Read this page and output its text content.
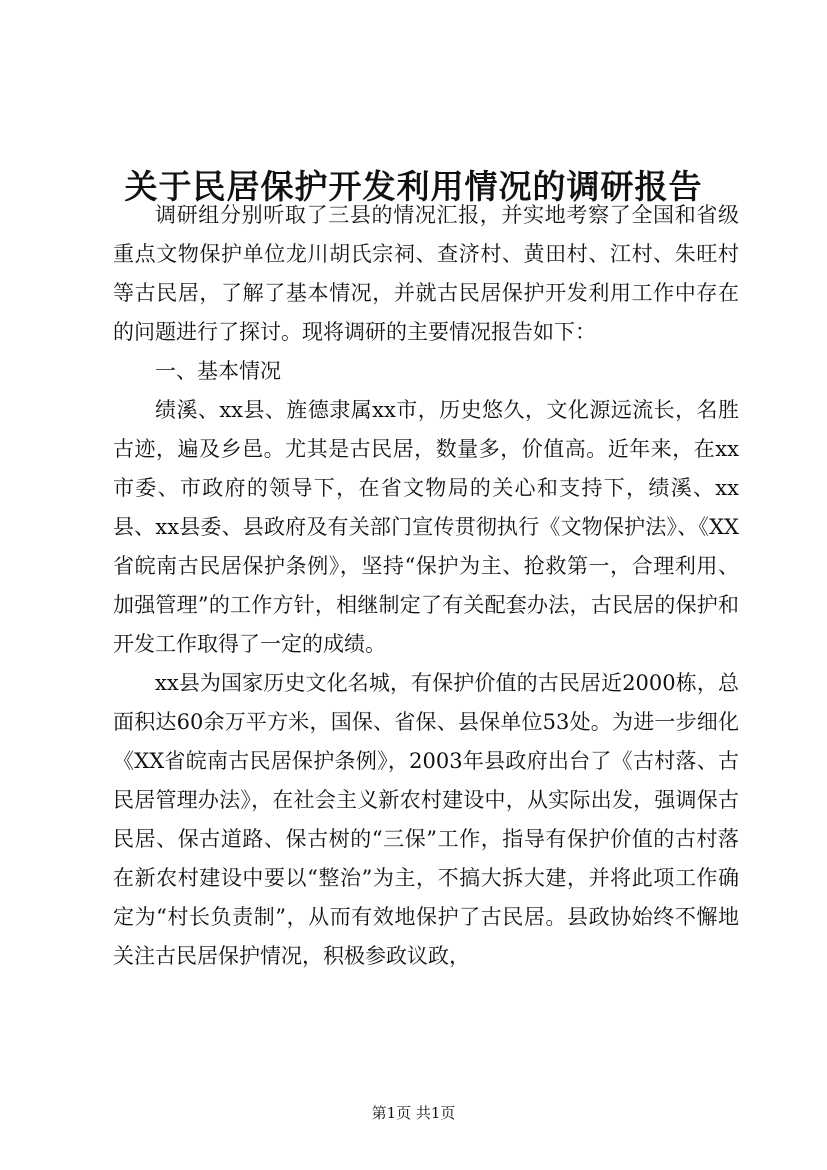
关于民居保护开发利用情况的调研报告

调研组分别听取了三县的情况汇报，并实地考察了全国和省级重点文物保护单位龙川胡氏宗祠、查济村、黄田村、江村、朱旺村等古民居，了解了基本情况，并就古民居保护开发利用工作中存在的问题进行了探讨。现将调研的主要情况报告如下：

一、基本情况

绩溪、xx县、旌德隶属xx市，历史悠久，文化源远流长，名胜古迹，遍及乡邑。尤其是古民居，数量多，价值高。近年来，在xx市委、市政府的领导下，在省文物局的关心和支持下，绩溪、xx县、xx县委、县政府及有关部门宣传贯彻执行《文物保护法》、《XX省皖南古民居保护条例》，坚持“保护为主、抢救第一，合理利用、加强管理”的工作方针，相继制定了有关配套办法，古民居的保护和开发工作取得了一定的成绩。

xx县为国家历史文化名城，有保护价值的古民居近2000栋，总面积达60余万平方米，国保、省保、县保单位53处。为进一步细化《XX省皖南古民居保护条例》，2003年县政府出台了《古村落、古民居管理办法》，在社会主义新农村建设中，从实际出发，强调保古民居、保古道路、保古树的“三保”工作，指导有保护价值的古村落在新农村建设中要以“整治”为主，不搞大拆大建，并将此项工作确定为“村长负责制”，从而有效地保护了古民居。县政协始终不懈地关注古民居保护情况，积极参政议政，

第1页 共1页
